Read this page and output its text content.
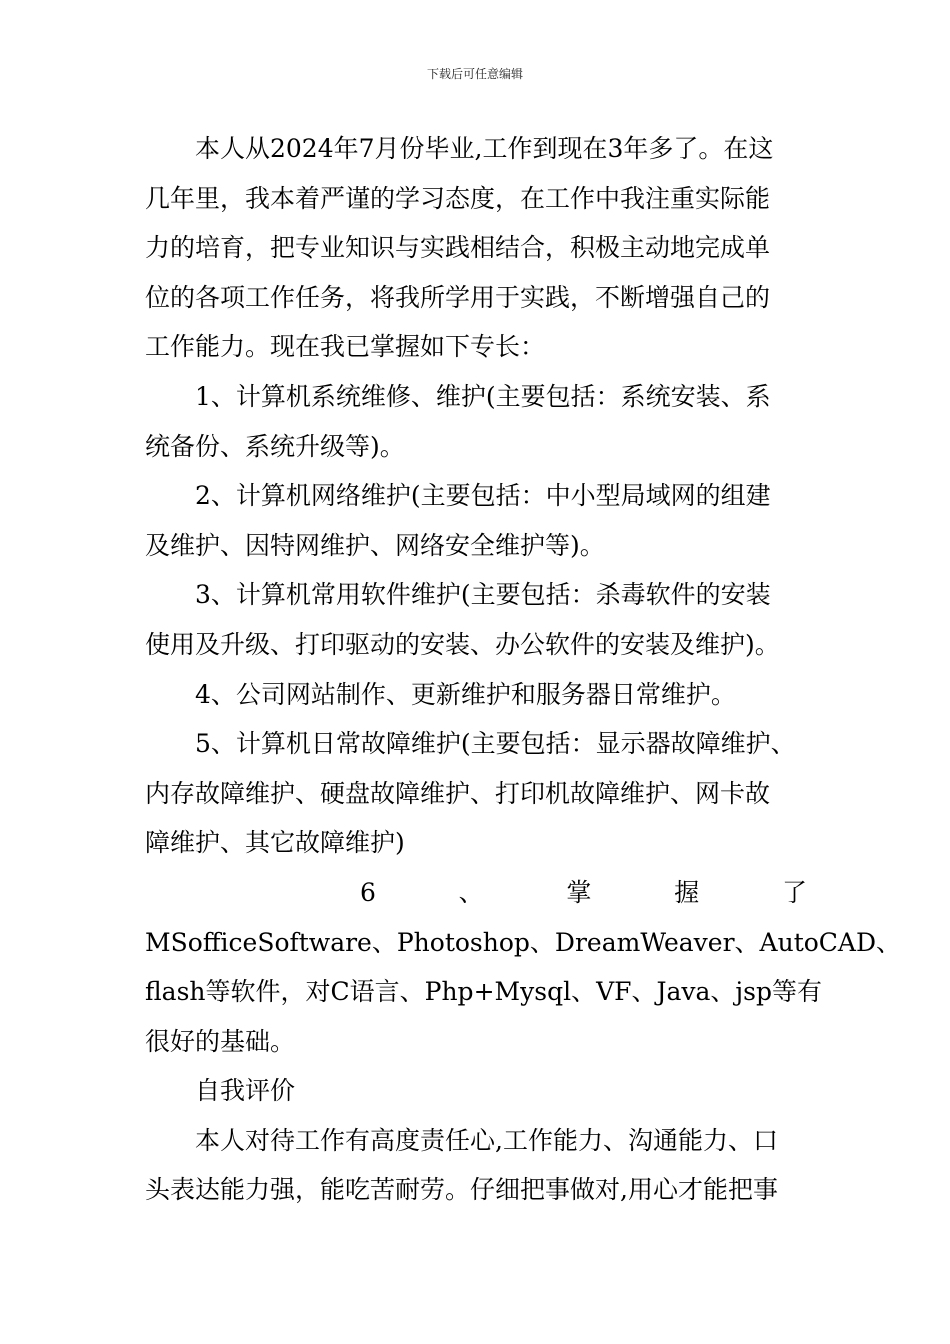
下载后可任意编辑
本人从2024年7月份毕业,工作到现在3年多了。在这
几年里，我本着严谨的学习态度，在工作中我注重实际能
力的培育，把专业知识与实践相结合，积极主动地完成单
位的各项工作任务，将我所学用于实践，不断增强自己的
工作能力。现在我已掌握如下专长：
1、计算机系统维修、维护(主要包括：系统安装、系
统备份、系统升级等)。
2、计算机网络维护(主要包括：中小型局域网的组建
及维护、因特网维护、网络安全维护等)。
3、计算机常用软件维护(主要包括：杀毒软件的安装
使用及升级、打印驱动的安装、办公软件的安装及维护)。
4、公司网站制作、更新维护和服务器日常维护。
5、计算机日常故障维护(主要包括：显示器故障维护、
内存故障维护、硬盘故障维护、打印机故障维护、网卡故
障维护、其它故障维护)
6	、	掌	握	了
MSofficeSoftware、Photoshop、DreamWeaver、AutoCAD、
flash等软件，对C语言、Php+Mysql、VF、Java、jsp等有
很好的基础。
自我评价
本人对待工作有高度责任心,工作能力、沟通能力、口
头表达能力强，能吃苦耐劳。仔细把事做对,用心才能把事
